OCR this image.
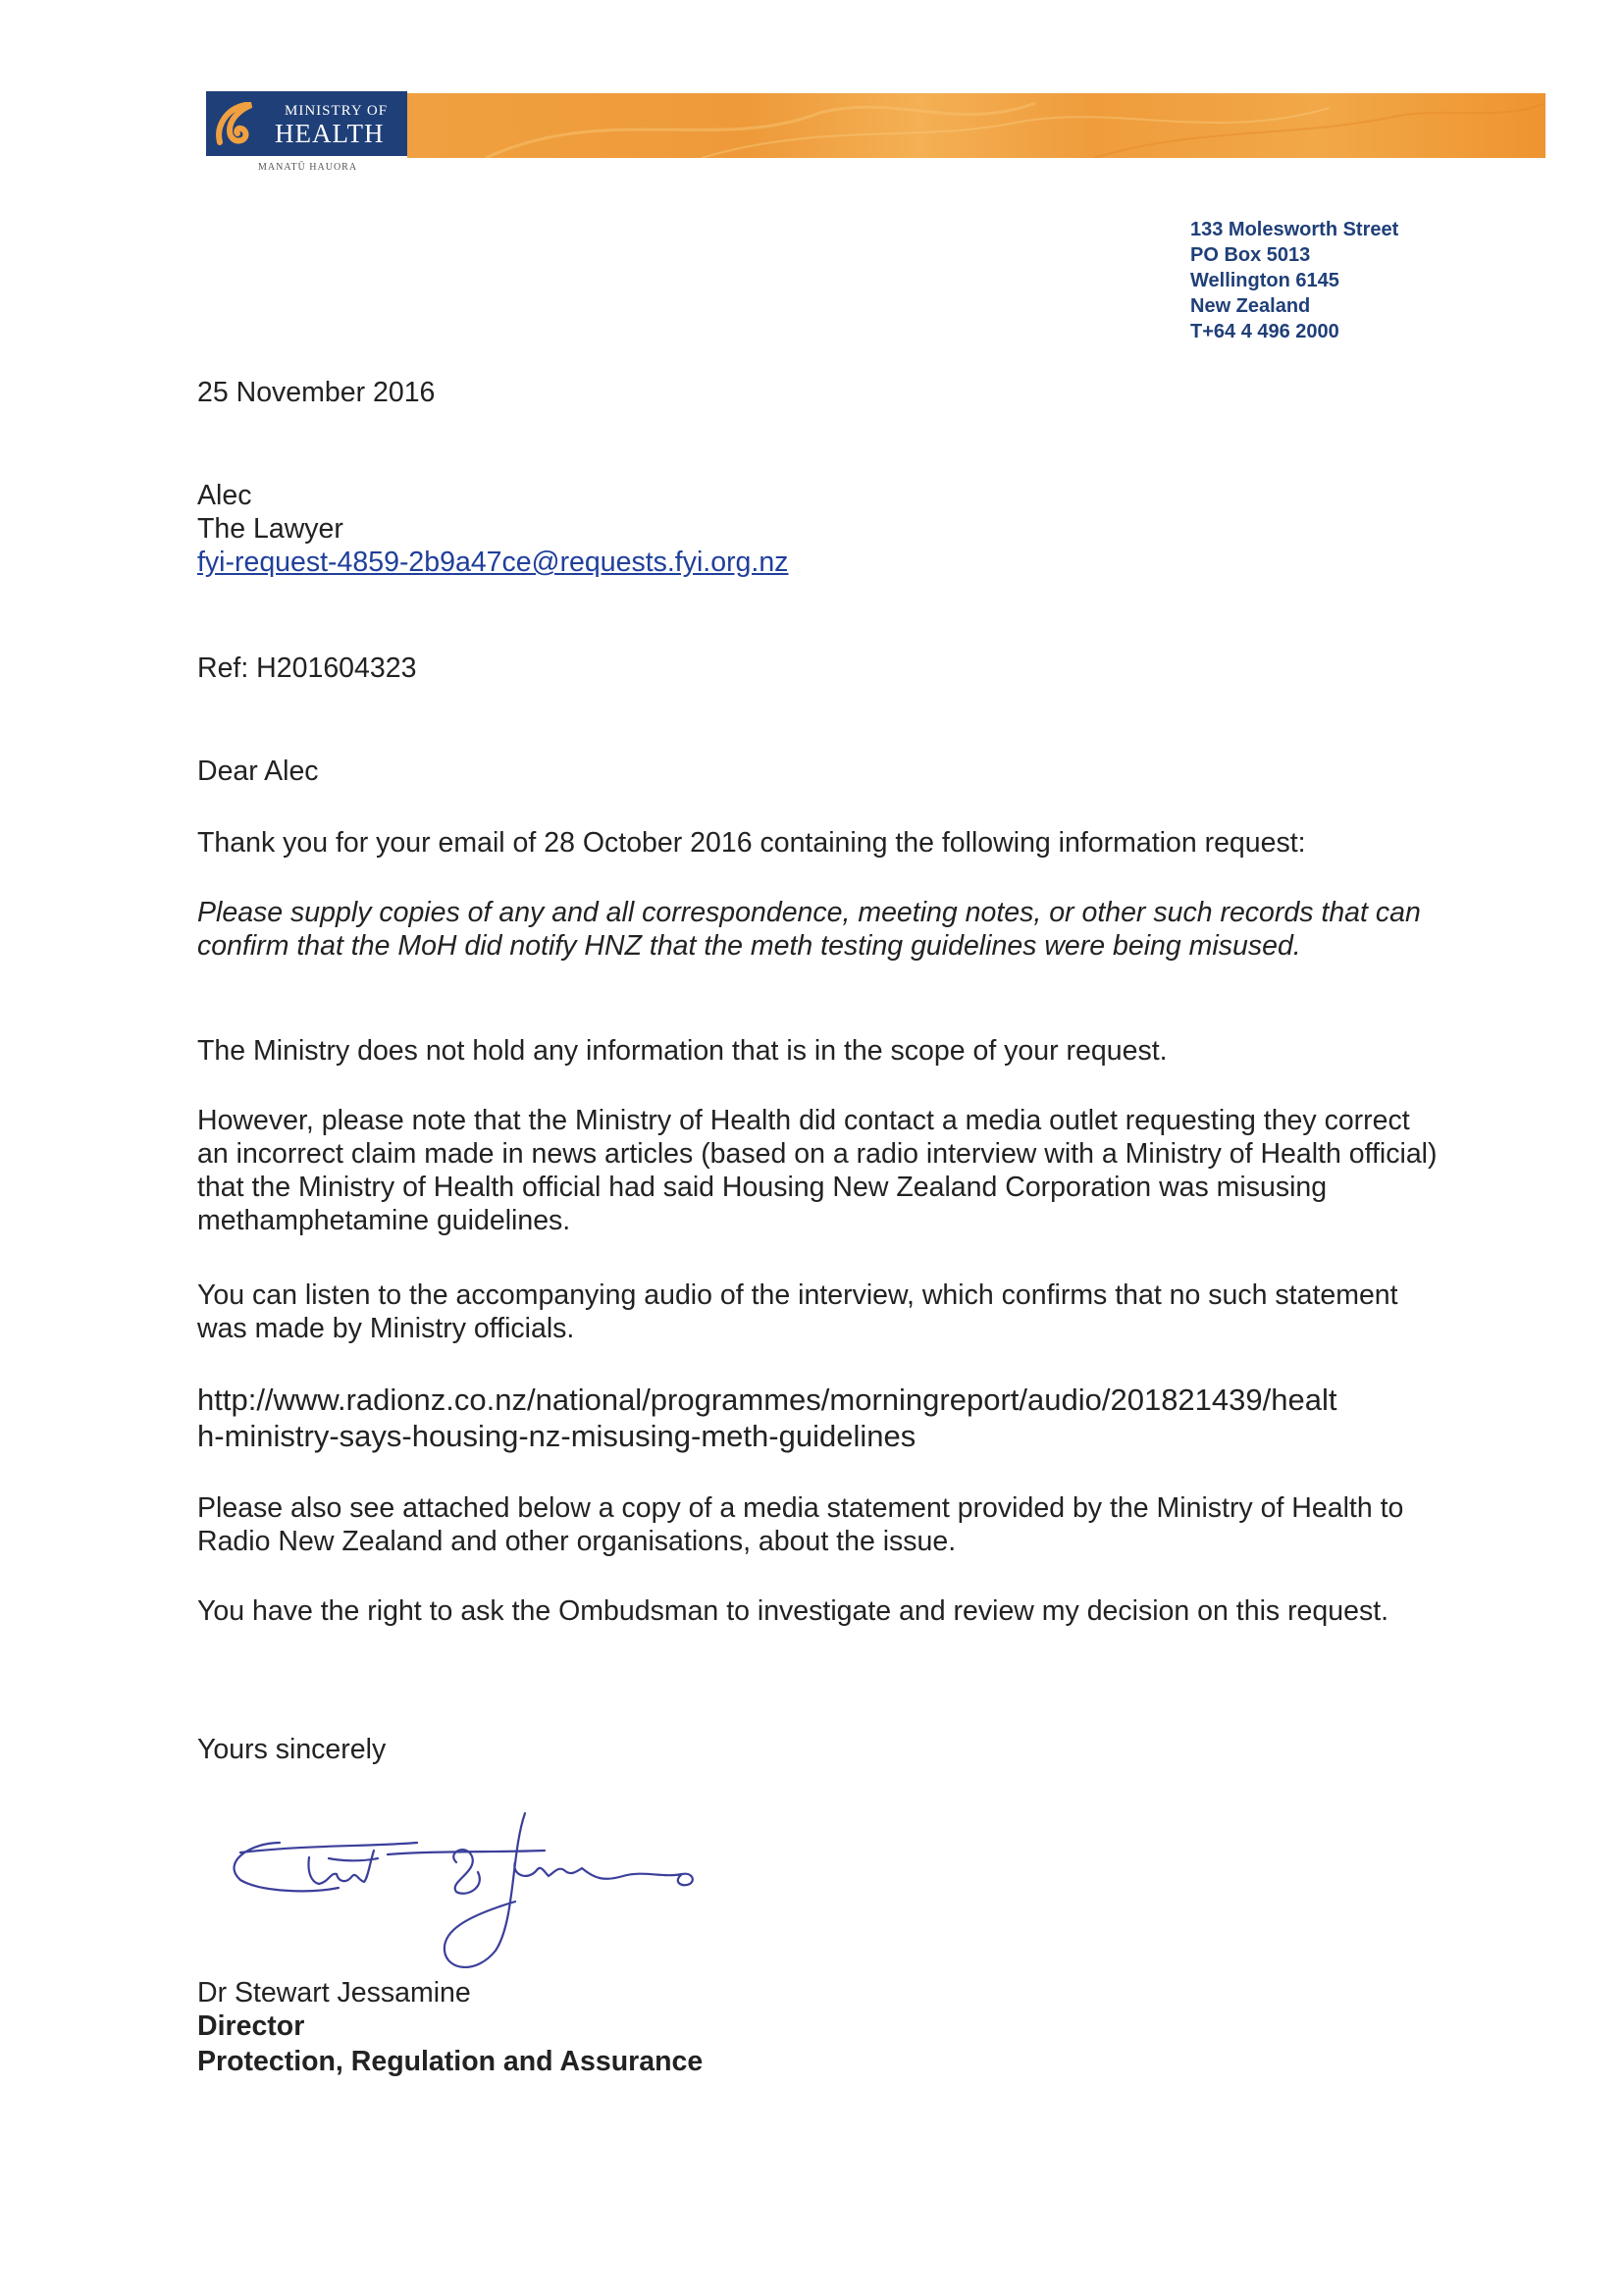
MINISTRY OF
HEALTH
MANATŪ HAUORA
133 Molesworth Street
PO Box 5013
Wellington 6145
New Zealand
T+64 4 496 2000
25 November 2016
Alec
The Lawyer
fyi-request-4859-2b9a47ce@requests.fyi.org.nz
Ref: H201604323
Dear Alec
Thank you for your email of 28 October 2016 containing the following information request:
Please supply copies of any and all correspondence, meeting notes, or other such records that can confirm that the MoH did notify HNZ that the meth testing guidelines were being misused.
The Ministry does not hold any information that is in the scope of your request.
However, please note that the Ministry of Health did contact a media outlet requesting they correct an incorrect claim made in news articles (based on a radio interview with a Ministry of Health official) that the Ministry of Health official had said Housing New Zealand Corporation was misusing methamphetamine guidelines.
You can listen to the accompanying audio of the interview, which confirms that no such statement was made by Ministry officials.
http://www.radionz.co.nz/national/programmes/morningreport/audio/201821439/healt
h-ministry-says-housing-nz-misusing-meth-guidelines
Please also see attached below a copy of a media statement provided by the Ministry of Health to Radio New Zealand and other organisations, about the issue.
You have the right to ask the Ombudsman to investigate and review my decision on this request.
Yours sincerely
Dr Stewart Jessamine
Director
Protection, Regulation and Assurance
